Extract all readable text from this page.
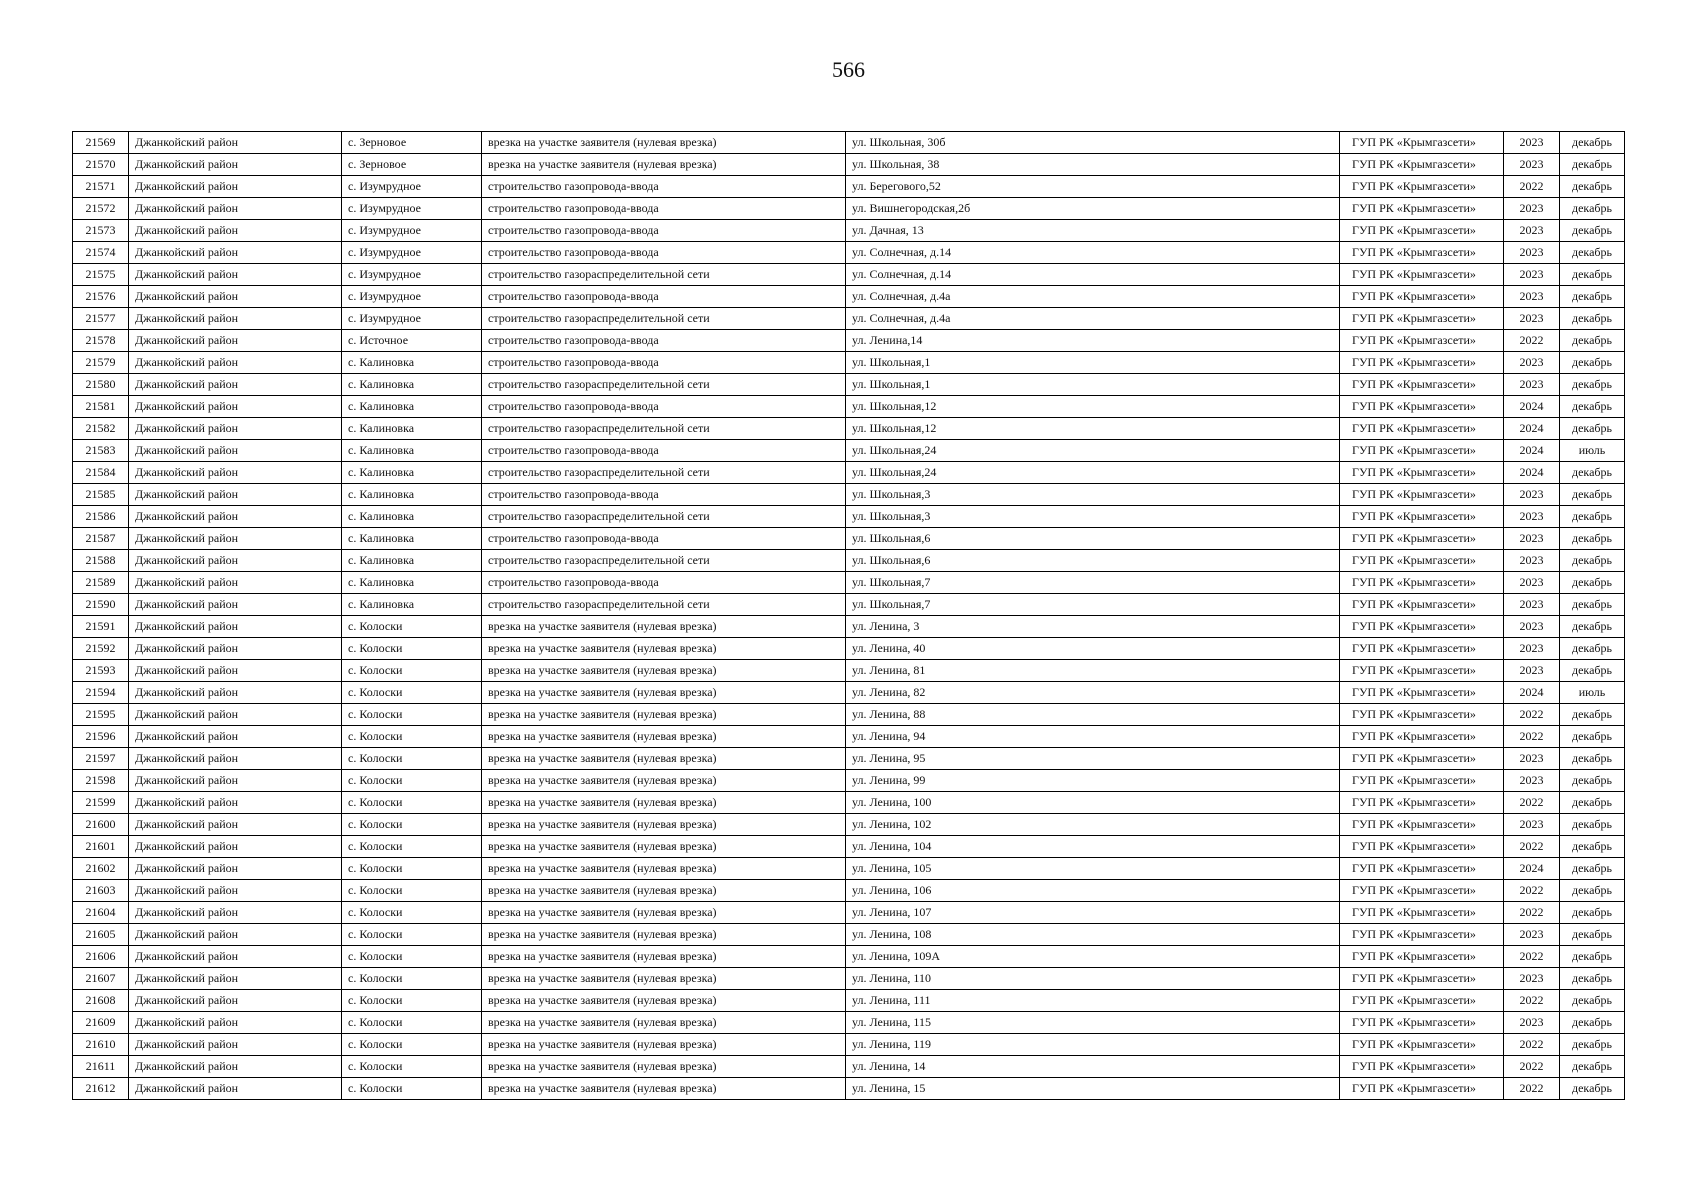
566
21569	Джанкойский район	с. Зерновое	врезка на участке заявителя (нулевая врезка)	ул. Школьная, 30б	ГУП РК «Крымгазсети»	2023	декабрь
21570	Джанкойский район	с. Зерновое	врезка на участке заявителя (нулевая врезка)	ул. Школьная, 38	ГУП РК «Крымгазсети»	2023	декабрь
21571	Джанкойский район	с. Изумрудное	строительство газопровода-ввода	ул. Берегового,52	ГУП РК «Крымгазсети»	2022	декабрь
21572	Джанкойский район	с. Изумрудное	строительство газопровода-ввода	ул. Вишнегородская,2б	ГУП РК «Крымгазсети»	2023	декабрь
21573	Джанкойский район	с. Изумрудное	строительство газопровода-ввода	ул. Дачная, 13	ГУП РК «Крымгазсети»	2023	декабрь
21574	Джанкойский район	с. Изумрудное	строительство газопровода-ввода	ул. Солнечная, д.14	ГУП РК «Крымгазсети»	2023	декабрь
21575	Джанкойский район	с. Изумрудное	строительство газораспределительной сети	ул. Солнечная, д.14	ГУП РК «Крымгазсети»	2023	декабрь
21576	Джанкойский район	с. Изумрудное	строительство газопровода-ввода	ул. Солнечная, д.4а	ГУП РК «Крымгазсети»	2023	декабрь
21577	Джанкойский район	с. Изумрудное	строительство газораспределительной сети	ул. Солнечная, д.4а	ГУП РК «Крымгазсети»	2023	декабрь
21578	Джанкойский район	с. Источное	строительство газопровода-ввода	ул. Ленина,14	ГУП РК «Крымгазсети»	2022	декабрь
21579	Джанкойский район	с. Калиновка	строительство газопровода-ввода	ул. Школьная,1	ГУП РК «Крымгазсети»	2023	декабрь
21580	Джанкойский район	с. Калиновка	строительство газораспределительной сети	ул. Школьная,1	ГУП РК «Крымгазсети»	2023	декабрь
21581	Джанкойский район	с. Калиновка	строительство газопровода-ввода	ул. Школьная,12	ГУП РК «Крымгазсети»	2024	декабрь
21582	Джанкойский район	с. Калиновка	строительство газораспределительной сети	ул. Школьная,12	ГУП РК «Крымгазсети»	2024	декабрь
21583	Джанкойский район	с. Калиновка	строительство газопровода-ввода	ул. Школьная,24	ГУП РК «Крымгазсети»	2024	июль
21584	Джанкойский район	с. Калиновка	строительство газораспределительной сети	ул. Школьная,24	ГУП РК «Крымгазсети»	2024	декабрь
21585	Джанкойский район	с. Калиновка	строительство газопровода-ввода	ул. Школьная,3	ГУП РК «Крымгазсети»	2023	декабрь
21586	Джанкойский район	с. Калиновка	строительство газораспределительной сети	ул. Школьная,3	ГУП РК «Крымгазсети»	2023	декабрь
21587	Джанкойский район	с. Калиновка	строительство газопровода-ввода	ул. Школьная,6	ГУП РК «Крымгазсети»	2023	декабрь
21588	Джанкойский район	с. Калиновка	строительство газораспределительной сети	ул. Школьная,6	ГУП РК «Крымгазсети»	2023	декабрь
21589	Джанкойский район	с. Калиновка	строительство газопровода-ввода	ул. Школьная,7	ГУП РК «Крымгазсети»	2023	декабрь
21590	Джанкойский район	с. Калиновка	строительство газораспределительной сети	ул. Школьная,7	ГУП РК «Крымгазсети»	2023	декабрь
21591	Джанкойский район	с. Колоски	врезка на участке заявителя (нулевая врезка)	ул. Ленина, 3	ГУП РК «Крымгазсети»	2023	декабрь
21592	Джанкойский район	с. Колоски	врезка на участке заявителя (нулевая врезка)	ул. Ленина, 40	ГУП РК «Крымгазсети»	2023	декабрь
21593	Джанкойский район	с. Колоски	врезка на участке заявителя (нулевая врезка)	ул. Ленина, 81	ГУП РК «Крымгазсети»	2023	декабрь
21594	Джанкойский район	с. Колоски	врезка на участке заявителя (нулевая врезка)	ул. Ленина, 82	ГУП РК «Крымгазсети»	2024	июль
21595	Джанкойский район	с. Колоски	врезка на участке заявителя (нулевая врезка)	ул. Ленина, 88	ГУП РК «Крымгазсети»	2022	декабрь
21596	Джанкойский район	с. Колоски	врезка на участке заявителя (нулевая врезка)	ул. Ленина, 94	ГУП РК «Крымгазсети»	2022	декабрь
21597	Джанкойский район	с. Колоски	врезка на участке заявителя (нулевая врезка)	ул. Ленина, 95	ГУП РК «Крымгазсети»	2023	декабрь
21598	Джанкойский район	с. Колоски	врезка на участке заявителя (нулевая врезка)	ул. Ленина, 99	ГУП РК «Крымгазсети»	2023	декабрь
21599	Джанкойский район	с. Колоски	врезка на участке заявителя (нулевая врезка)	ул. Ленина, 100	ГУП РК «Крымгазсети»	2022	декабрь
21600	Джанкойский район	с. Колоски	врезка на участке заявителя (нулевая врезка)	ул. Ленина, 102	ГУП РК «Крымгазсети»	2023	декабрь
21601	Джанкойский район	с. Колоски	врезка на участке заявителя (нулевая врезка)	ул. Ленина, 104	ГУП РК «Крымгазсети»	2022	декабрь
21602	Джанкойский район	с. Колоски	врезка на участке заявителя (нулевая врезка)	ул. Ленина, 105	ГУП РК «Крымгазсети»	2024	декабрь
21603	Джанкойский район	с. Колоски	врезка на участке заявителя (нулевая врезка)	ул. Ленина, 106	ГУП РК «Крымгазсети»	2022	декабрь
21604	Джанкойский район	с. Колоски	врезка на участке заявителя (нулевая врезка)	ул. Ленина, 107	ГУП РК «Крымгазсети»	2022	декабрь
21605	Джанкойский район	с. Колоски	врезка на участке заявителя (нулевая врезка)	ул. Ленина, 108	ГУП РК «Крымгазсети»	2023	декабрь
21606	Джанкойский район	с. Колоски	врезка на участке заявителя (нулевая врезка)	ул. Ленина, 109А	ГУП РК «Крымгазсети»	2022	декабрь
21607	Джанкойский район	с. Колоски	врезка на участке заявителя (нулевая врезка)	ул. Ленина, 110	ГУП РК «Крымгазсети»	2023	декабрь
21608	Джанкойский район	с. Колоски	врезка на участке заявителя (нулевая врезка)	ул. Ленина, 111	ГУП РК «Крымгазсети»	2022	декабрь
21609	Джанкойский район	с. Колоски	врезка на участке заявителя (нулевая врезка)	ул. Ленина, 115	ГУП РК «Крымгазсети»	2023	декабрь
21610	Джанкойский район	с. Колоски	врезка на участке заявителя (нулевая врезка)	ул. Ленина, 119	ГУП РК «Крымгазсети»	2022	декабрь
21611	Джанкойский район	с. Колоски	врезка на участке заявителя (нулевая врезка)	ул. Ленина, 14	ГУП РК «Крымгазсети»	2022	декабрь
21612	Джанкойский район	с. Колоски	врезка на участке заявителя (нулевая врезка)	ул. Ленина, 15	ГУП РК «Крымгазсети»	2022	декабрь
